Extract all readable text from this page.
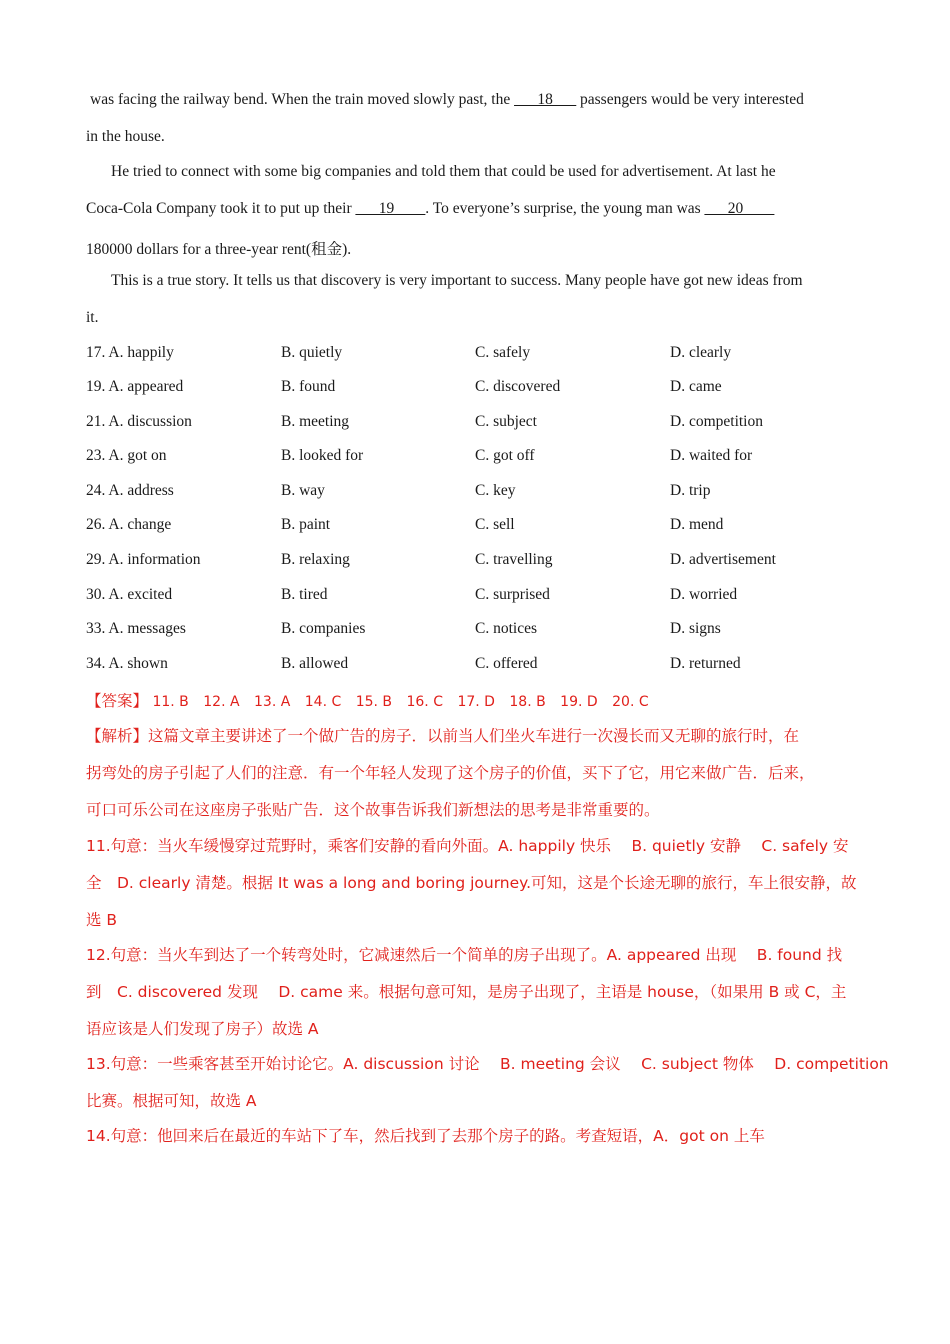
was facing the railway bend. When the train moved slowly past, the ___18___ passengers would be very interested
in the house.
He tried to connect with some big companies and told them that could be used for advertisement. At last he
Coca-Cola Company took it to put up their ___19____. To everyone’s surprise, the young man was ___20____
180000 dollars for a three-year rent(租金).
This is a true story. It tells us that discovery is very important to success. Many people have got new ideas from
it.
17. A. happily	B. quietly	C. safely	D. clearly
19. A. appeared	B. found	C. discovered	D. came
21. A. discussion	B. meeting	C. subject	D. competition
23. A. got on	B. looked for	C. got off	D. waited for
24. A. address	B. way	C. key	D. trip
26. A. change	B. paint	C. sell	D. mend
29. A. information	B. relaxing	C. travelling	D. advertisement
30. A. excited	B. tired	C. surprised	D. worried
33. A. messages	B. companies	C. notices	D. signs
34. A. shown	B. allowed	C. offered	D. returned
【答案】 11. B 12. A 13. A 14. C 15. B 16. C 17. D 18. B 19. D 20. C
【解析】这篇文章主要讲述了一个做广告的房子．以前当人们坐火车进行一次漫长而又无聊的旅行时，在
拐弯处的房子引起了人们的注意．有一个年轻人发现了这个房子的价值，买下了它，用它来做广告．后来，
可口可乐公司在这座房子张贴广告．这个故事告诉我们新想法的思考是非常重要的。
11.句意：当火车缓慢穿过荒野时，乘客们安静的看向外面。A. happily 快乐　 B. quietly 安静　 C. safely 安
全　D. clearly 清楚。根据 It was a long and boring journey.可知，这是个长途无聊的旅行，车上很安静，故
选 B
12.句意：当火车到达了一个转弯处时，它减速然后一个简单的房子出现了。A. appeared 出现　 B. found 找
到　C. discovered 发现　 D. came 来。根据句意可知，是房子出现了，主语是 house，（如果用 B 或 C，主
语应该是人们发现了房子）故选 A
13.句意：一些乘客甚至开始讨论它。A. discussion 讨论　 B. meeting 会议　 C. subject 物体　 D. competition
比赛。根据可知，故选 A
14.句意：他回来后在最近的车站下了车，然后找到了去那个房子的路。考查短语，A．got on 上车
